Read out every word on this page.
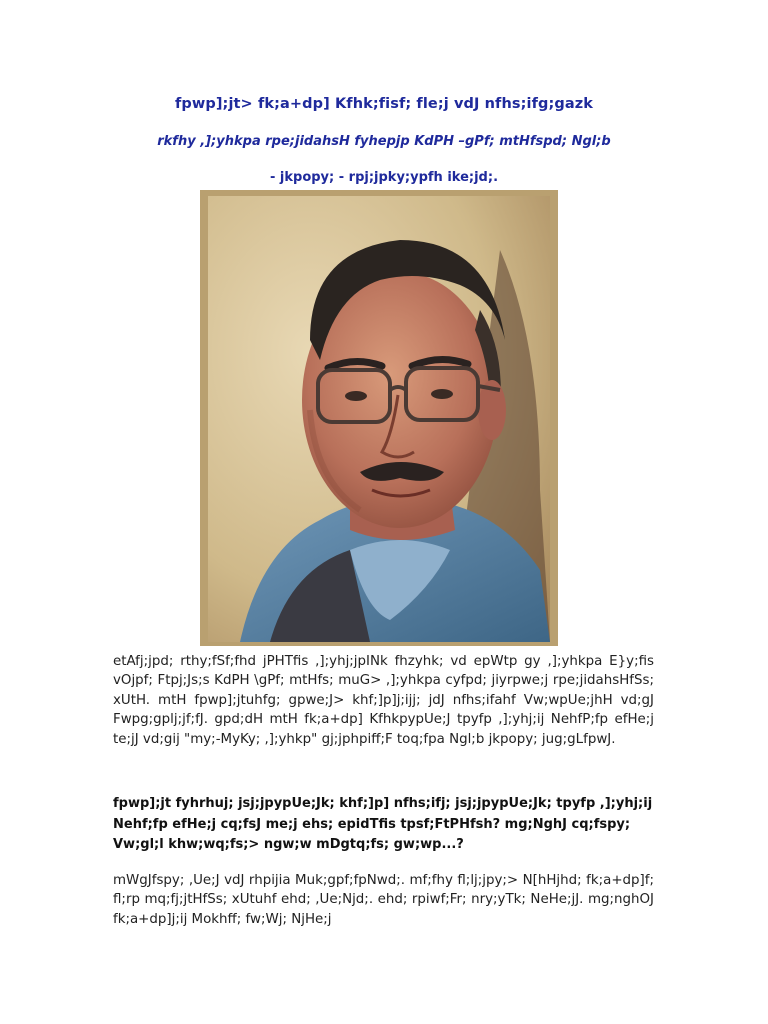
fpwp];jt> fk;a+dp] Kfhk;fisf; fle;j vdJ nfhs;ifg;gazk
rkfhy ,];yhkpa rpe;jidahsH fyhepjp KdPH –gPf; mtHfspd; Ngl;b
- jkpopy; - rpj;jpky;ypfh ike;jd;.

etAfj;jpd; rthy;fSf;fhd jPHTfis ,];yhj;jpINk fhzyhk; vd epWtp gy ,];yhkpa E}y;fis vOjpf; Ftpj;Js;s KdPH \gPf; mtHfs; muG> ,];yhkpa cyfpd; jiyrpwe;j rpe;jidahsHfSs; xUtH. mtH fpwp];jtuhfg; gpwe;J> khf;]p]j;ijj; jdJ nfhs;ifahf Vw;wpUe;jhH vd;gJ Fwpg;gplj;jf;fJ. gpd;dH mtH fk;a+dp] KfhkpypUe;J tpyfp ,];yhj;ij NehfP;fp efHe;j te;jJ vd;gij "my;-MyKy; ,];yhkp" gj;jphpiff;F toq;fpa Ngl;b jkpopy; jug;gLfpwJ.

fpwp];jt fyhrhuj; jsj;jpypUe;Jk; khf;]p] nfhs;ifj; jsj;jpypUe;Jk; tpyfp ,];yhj;ij Nehf;fp efHe;j cq;fsJ me;j ehs; epidTfis tpsf;FtPHfsh? mg;NghJ cq;fspy; Vw;gl;l khw;wq;fs;> ngw;w mDgtq;fs; gw;wp...?

mWgJfspy; ,Ue;J vdJ rhpijia Muk;gpf;fpNwd;. mf;fhy fl;lj;jpy;> N[hHjhd; fk;a+dp]f; fl;rp mq;fj;jtHfSs; xUtuhf ehd; ,Ue;Njd;. ehd; rpiwf;Fr; nry;yTk; NeHe;jJ. mg;nghOJ fk;a+dp]j;ij Mokhff; fw;Wj; NjHe;j
